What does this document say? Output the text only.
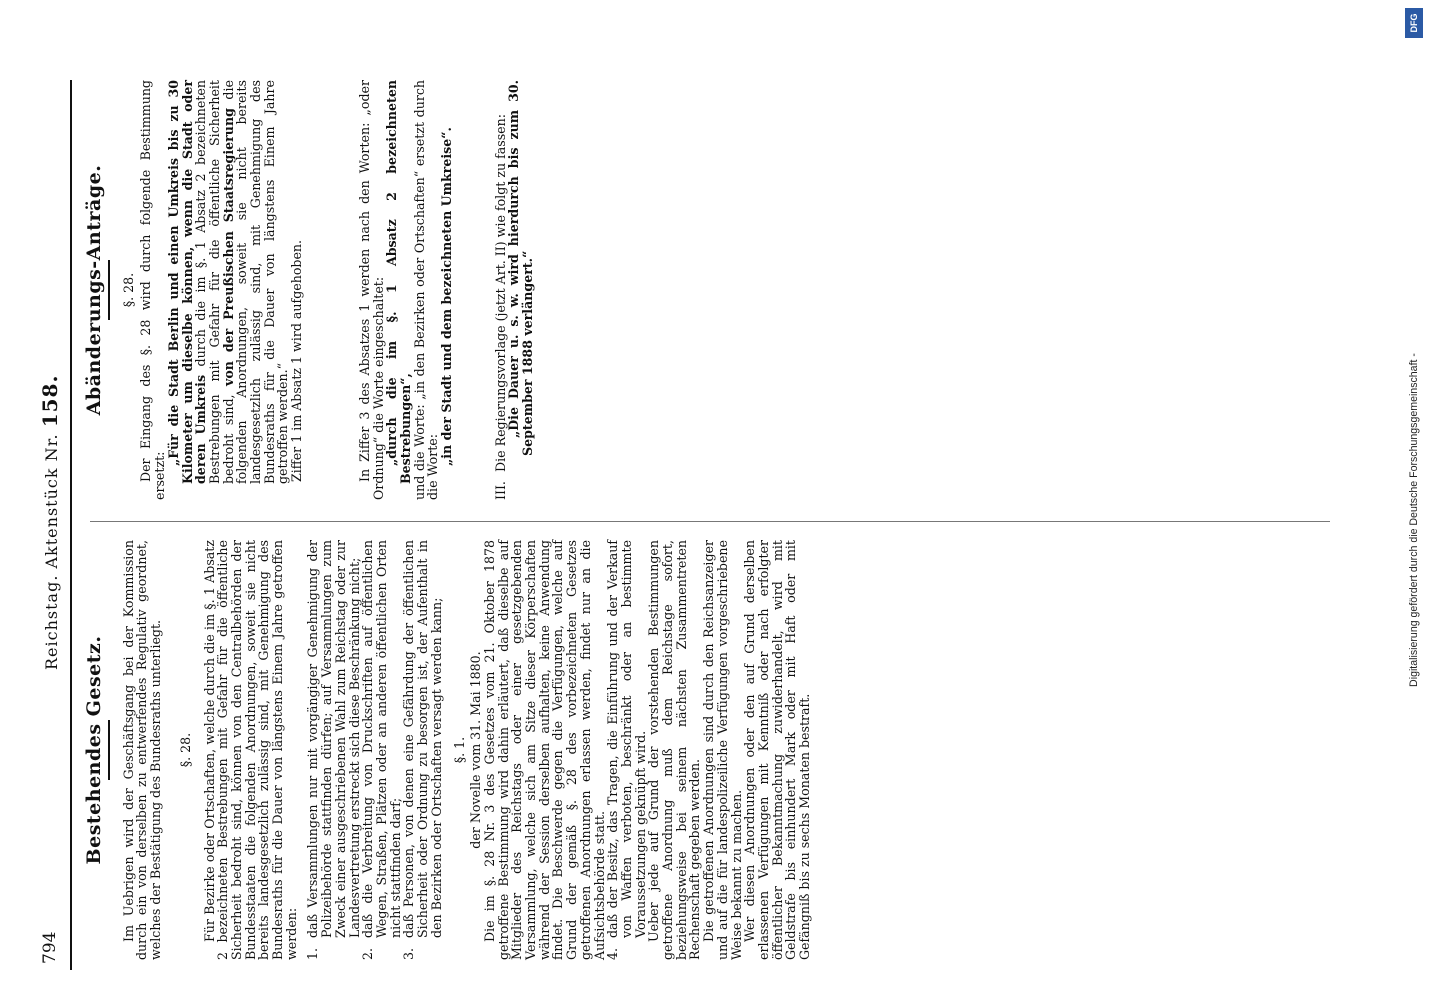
794
Reichstag. Aktenstück Nr. 158.
Bestehendes Gesetz. Im Uebrigen wird der Geschäftsgang bei der Kommission durch ein von derselben zu entwerfendes Regulativ geordnet, welches der Bestätigung des Bundesraths unterliegt. §. 28. Für Bezirke oder Ortschaften, welche durch die im §. 1 Absatz 2 bezeichneten Bestrebungen mit Gefahr für die öffentliche Sicherheit bedroht sind, können von den Centralbehörden der Bundesstaaten die folgenden Anordnungen, soweit sie nicht bereits landesgesetzlich zulässig sind, mit Genehmigung des Bundesraths für die Dauer von längstens Einem Jahre getroffen werden: 1.
daß Versammlungen nur mit vorgängiger Genehmigung der Polizeibehörde stattfinden dürfen; auf Versammlungen zum Zweck einer ausgeschriebenen Wahl zum Reichstag oder zur Landesvertretung erstreckt sich diese Beschränkung nicht;

2.
daß die Verbreitung von Druckschriften auf öffentlichen Wegen, Straßen, Plätzen oder an anderen öffentlichen Orten nicht stattfinden darf;

3.
daß Personen, von denen eine Gefährdung der öffentlichen Sicherheit oder Ordnung zu besorgen ist, der Aufenthalt in den Bezirken oder Ortschaften versagt werden kann; §. 1. der Novelle vom 31. Mai 1880.

Die im §. 28 Nr. 3 des Gesetzes vom 21. Oktober 1878 getroffene Bestimmung wird dahin erläutert, daß dieselbe auf Mitglieder des Reichstags oder einer gesetzgebenden Versammlung, welche sich am Sitze dieser Körperschaften während der Session derselben aufhalten, keine Anwendung findet. Die Beschwerde gegen die Verfügungen, welche auf Grund der gemäß §. 28 des vorbezeichneten Gesetzes getroffenen Anordnungen erlassen werden, findet nur an die Aufsichtsbehörde statt.

4.
daß der Besitz, das Tragen, die Einführung und der Verkauf von Waffen verboten, beschränkt oder an bestimmte Voraussetzungen geknüpft wird.

Ueber jede auf Grund der vorstehenden Bestimmungen getroffene Anordnung muß dem Reichstage sofort, beziehungsweise bei seinem nächsten Zusammentreten Rechenschaft gegeben werden.

Die getroffenen Anordnungen sind durch den Reichsanzeiger und auf die für landespolizeiliche Verfügungen vorgeschriebene Weise bekannt zu machen.

Wer diesen Anordnungen oder den auf Grund derselben erlassenen Verfügungen mit Kenntniß oder nach erfolgter öffentlicher Bekanntmachung zuwiderhandelt, wird mit Geldstrafe bis einhundert Mark oder mit Haft oder mit Gefängniß bis zu sechs Monaten bestraft.

Abänderungs-Anträge. §. 28. Der Eingang des §. 28 wird durch folgende Bestimmung ersetzt:

„Für die Stadt Berlin und einen Umkreis bis zu 30 Kilometer um dieselbe können, wenn die Stadt oder deren Umkreis durch die im §. 1 Absatz 2 bezeichneten Bestrebungen mit Gefahr für die öffentliche Sicherheit bedroht sind, von der Preußischen Staatsregierung die folgenden Anordnungen, soweit sie nicht bereits landesgesetzlich zulässig sind, mit Genehmigung des Bundesraths für die Dauer von längstens Einem Jahre getroffen werden.“

Ziffer 1 im Absatz 1 wird aufgehoben.	In Ziffer 3 des Absatzes 1 werden nach den Worten: „oder Ordnung“ die Worte eingeschaltet:

„durch die im §. 1 Absatz 2 bezeichneten Bestrebungen“,

und die Worte: „in den Bezirken oder Ortschaften“ ersetzt durch die Worte:

„in der Stadt und dem bezeichneten Umkreise“.

III.
Die Regierungsvorlage (jetzt Art. II) wie folgt zu fassen:

„Die Dauer u. s. w. wird hierdurch bis zum 30. September 1888 verlängert.“	Digitalisierung gefördert durch die Deutsche Forschungsgemeinschaft -
DFG
